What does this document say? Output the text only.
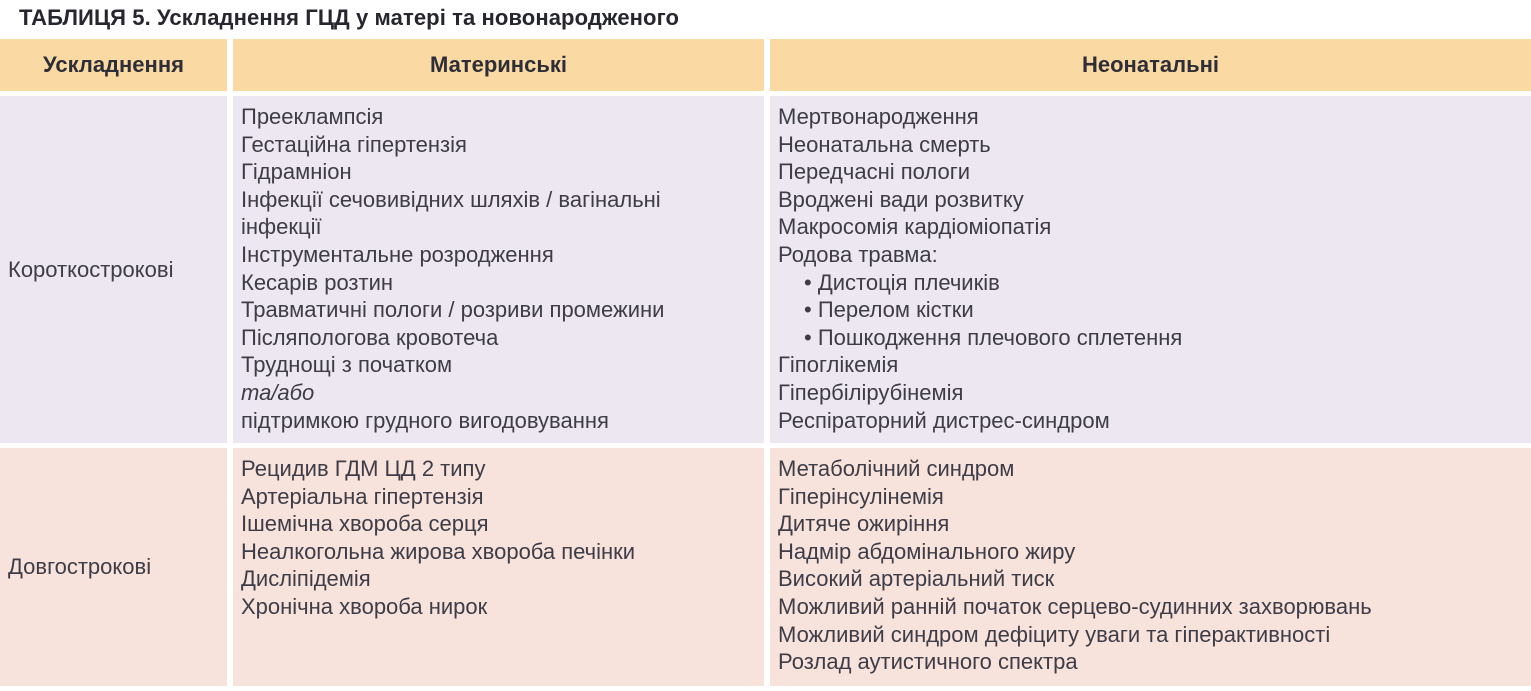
ТАБЛИЦЯ 5. Ускладнення ГЦД у матері та новонародженого
Ускладнення	Материнські	Неонатальні
Короткострокові
Прееклампсія
Гестаційна гіпертензія
Гідрамніон
Інфекції сечовивідних шляхів / вагінальні
інфекції
Інструментальне розродження
Кесарів розтин
Травматичні пологи / розриви промежини
Післяпологова кровотеча
Труднощі з початком
та/або
підтримкою грудного вигодовування
Мертвонародження
Неонатальна смерть
Передчасні пологи
Вроджені вади розвитку
Макросомія кардіоміопатія
Родова травма:
• Дистоція плечиків
• Перелом кістки
• Пошкодження плечового сплетення
Гіпоглікемія
Гіпербілірубінемія
Респіраторний дистрес-синдром
Довгострокові
Рецидив ГДМ ЦД 2 типу
Артеріальна гіпертензія
Ішемічна хвороба серця
Неалкогольна жирова хвороба печінки
Дисліпідемія
Хронічна хвороба нирок
Метаболічний синдром
Гіперінсулінемія
Дитяче ожиріння
Надмір абдомінального жиру
Високий артеріальний тиск
Можливий ранній початок серцево-судинних захворювань
Можливий синдром дефіциту уваги та гіперактивності
Розлад аутистичного спектра
